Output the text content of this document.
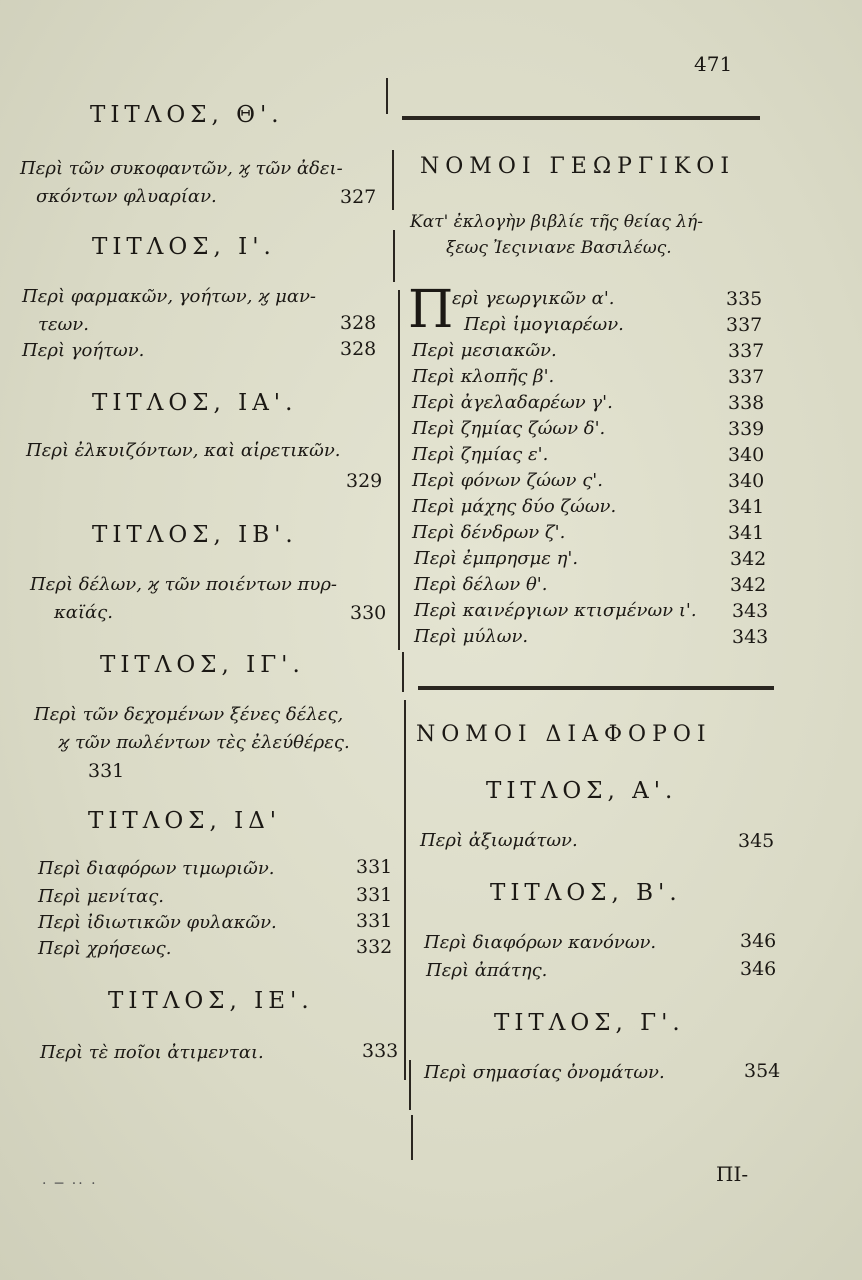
471
ΤΙΤΛΟΣ, Θ'.
Περὶ τῶν συκοφαντῶν, ϗ τῶν ἀδει-
σκόντων φλυαρίαν.	327
ΤΙΤΛΟΣ, Ι'.
Περὶ φαρμακῶν, γοήτων, ϗ μαν-
τεων.	328
Περὶ γοήτων.	328
ΤΙΤΛΟΣ, ΙΑ'.
Περὶ ἐλκυιζόντων, καὶ αἱρετικῶν.
329
ΤΙΤΛΟΣ, ΙΒ'.
Περὶ δέλων, ϗ τῶν ποιέντων πυρ-
καϊάς.	330
ΤΙΤΛΟΣ, ΙΓ'.
Περὶ τῶν δεχομένων ξένες δέλες,
ϗ τῶν πωλέντων τὲς ἐλεύθέρες.
331
ΤΙΤΛΟΣ, ΙΔ'
Περὶ διαφόρων τιμωριῶν.	331
Περὶ μενίτας.	331
Περὶ ἰδιωτικῶν φυλακῶν.	331
Περὶ χρήσεως.	332
ΤΙΤΛΟΣ, ΙΕ'.
Περὶ τὲ ποῖοι ἀτιμενται.	333
· ─ ·· ·
ΝΟΜΟΙ ΓΕΩΡΓΙΚΟΙ
Κατ' ἐκλογὴν βιβλίε τῆς θείας λή-
ξεως Ἰεςινιανε Βασιλέως.
Π
ερὶ γεωργικῶν α'.	335
Περὶ ἱμογιαρέων.	337
Περὶ μεσιακῶν.	337
Περὶ κλοπῆς β'.	337
Περὶ ἀγελαδαρέων γ'.	338
Περὶ ζημίας ζώων δ'.	339
Περὶ ζημίας ε'.	340
Περὶ φόνων ζώων ς'.	340
Περὶ μάχης δύο ζώων.	341
Περὶ δένδρων ζ'.	341
Περὶ ἐμπρησμε η'.	342
Περὶ δέλων θ'.	342
Περὶ καινέργιων κτισμένων ι'. 343
Περὶ μύλων.	343
ΝΟΜΟΙ ΔΙΑΦΟΡΟΙ
ΤΙΤΛΟΣ, Α'.
Περὶ ἀξιωμάτων.	345
ΤΙΤΛΟΣ, Β'.
Περὶ διαφόρων κανόνων.	346
Περὶ ἀπάτης.	346
ΤΙΤΛΟΣ, Γ'.
Περὶ σημασίας ὀνομάτων.	354
ΠΙ-
